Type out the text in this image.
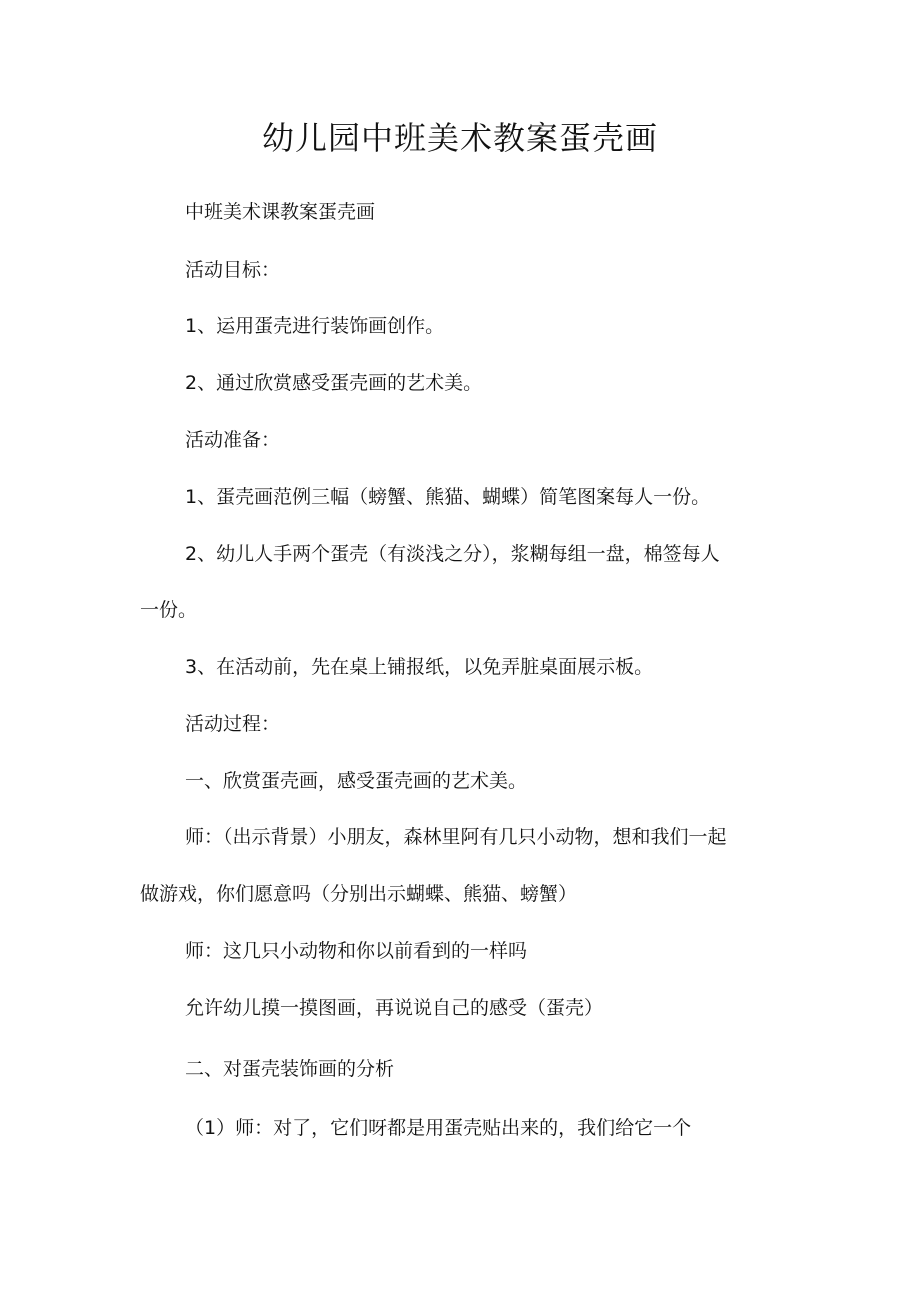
幼儿园中班美术教案蛋壳画

中班美术课教案蛋壳画

活动目标：

1、运用蛋壳进行装饰画创作。

2、通过欣赏感受蛋壳画的艺术美。

活动准备：

1、蛋壳画范例三幅（螃蟹、熊猫、蝴蝶）简笔图案每人一份。

2、幼儿人手两个蛋壳（有淡浅之分），浆糊每组一盘，棉签每人

一份。

3、在活动前，先在桌上铺报纸，以免弄脏桌面展示板。

活动过程：

一、欣赏蛋壳画，感受蛋壳画的艺术美。

师：（出示背景）小朋友，森林里阿有几只小动物，想和我们一起

做游戏，你们愿意吗（分别出示蝴蝶、熊猫、螃蟹）

师：这几只小动物和你以前看到的一样吗

允许幼儿摸一摸图画，再说说自己的感受（蛋壳）

二、对蛋壳装饰画的分析

（1）师：对了，它们呀都是用蛋壳贴出来的，我们给它一个
